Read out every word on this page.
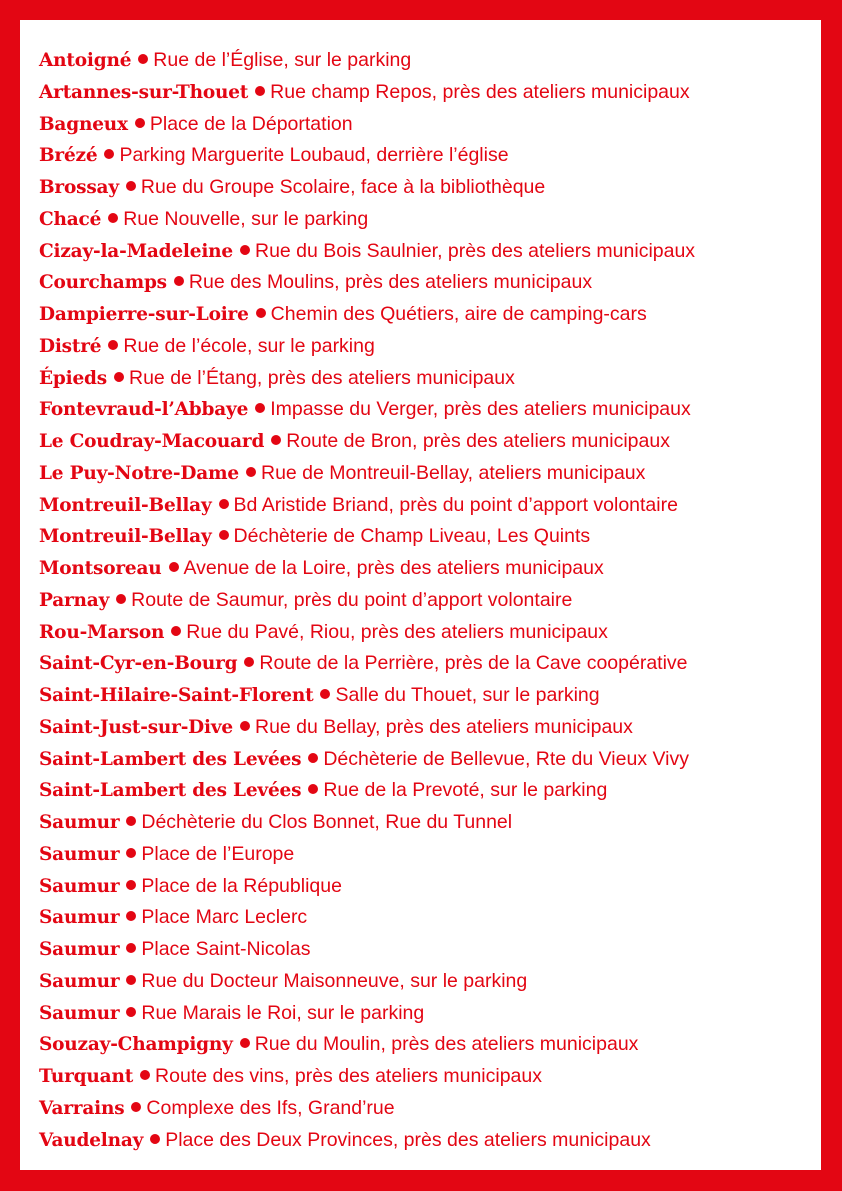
Antoigné Rue de l’Église, sur le parking
Artannes-sur-Thouet Rue champ Repos, près des ateliers municipaux
Bagneux Place de la Déportation
Brézé Parking Marguerite Loubaud, derrière l’église
Brossay Rue du Groupe Scolaire, face à la bibliothèque
Chacé Rue Nouvelle, sur le parking
Cizay-la-Madeleine Rue du Bois Saulnier, près des ateliers municipaux
Courchamps Rue des Moulins, près des ateliers municipaux
Dampierre-sur-Loire Chemin des Quétiers, aire de camping-cars
Distré Rue de l’école, sur le parking
Épieds Rue de l’Étang, près des ateliers municipaux
Fontevraud-l’Abbaye Impasse du Verger, près des ateliers municipaux
Le Coudray-Macouard Route de Bron, près des ateliers municipaux
Le Puy-Notre-Dame Rue de Montreuil-Bellay, ateliers municipaux
Montreuil-Bellay Bd Aristide Briand, près du point d’apport volontaire
Montreuil-Bellay Déchèterie de Champ Liveau, Les Quints
Montsoreau Avenue de la Loire, près des ateliers municipaux
Parnay Route de Saumur, près du point d’apport volontaire
Rou-Marson Rue du Pavé, Riou, près des ateliers municipaux
Saint-Cyr-en-Bourg Route de la Perrière, près de la Cave coopérative
Saint-Hilaire-Saint-Florent Salle du Thouet, sur le parking
Saint-Just-sur-Dive Rue du Bellay, près des ateliers municipaux
Saint-Lambert des Levées Déchèterie de Bellevue, Rte du Vieux Vivy
Saint-Lambert des Levées Rue de la Prevoté, sur le parking
Saumur Déchèterie du Clos Bonnet, Rue du Tunnel
Saumur Place de l’Europe
Saumur Place de la République
Saumur Place Marc Leclerc
Saumur Place Saint-Nicolas
Saumur Rue du Docteur Maisonneuve, sur le parking
Saumur Rue Marais le Roi, sur le parking
Souzay-Champigny Rue du Moulin, près des ateliers municipaux
Turquant Route des vins, près des ateliers municipaux
Varrains Complexe des Ifs, Grand’rue
Vaudelnay Place des Deux Provinces, près des ateliers municipaux
